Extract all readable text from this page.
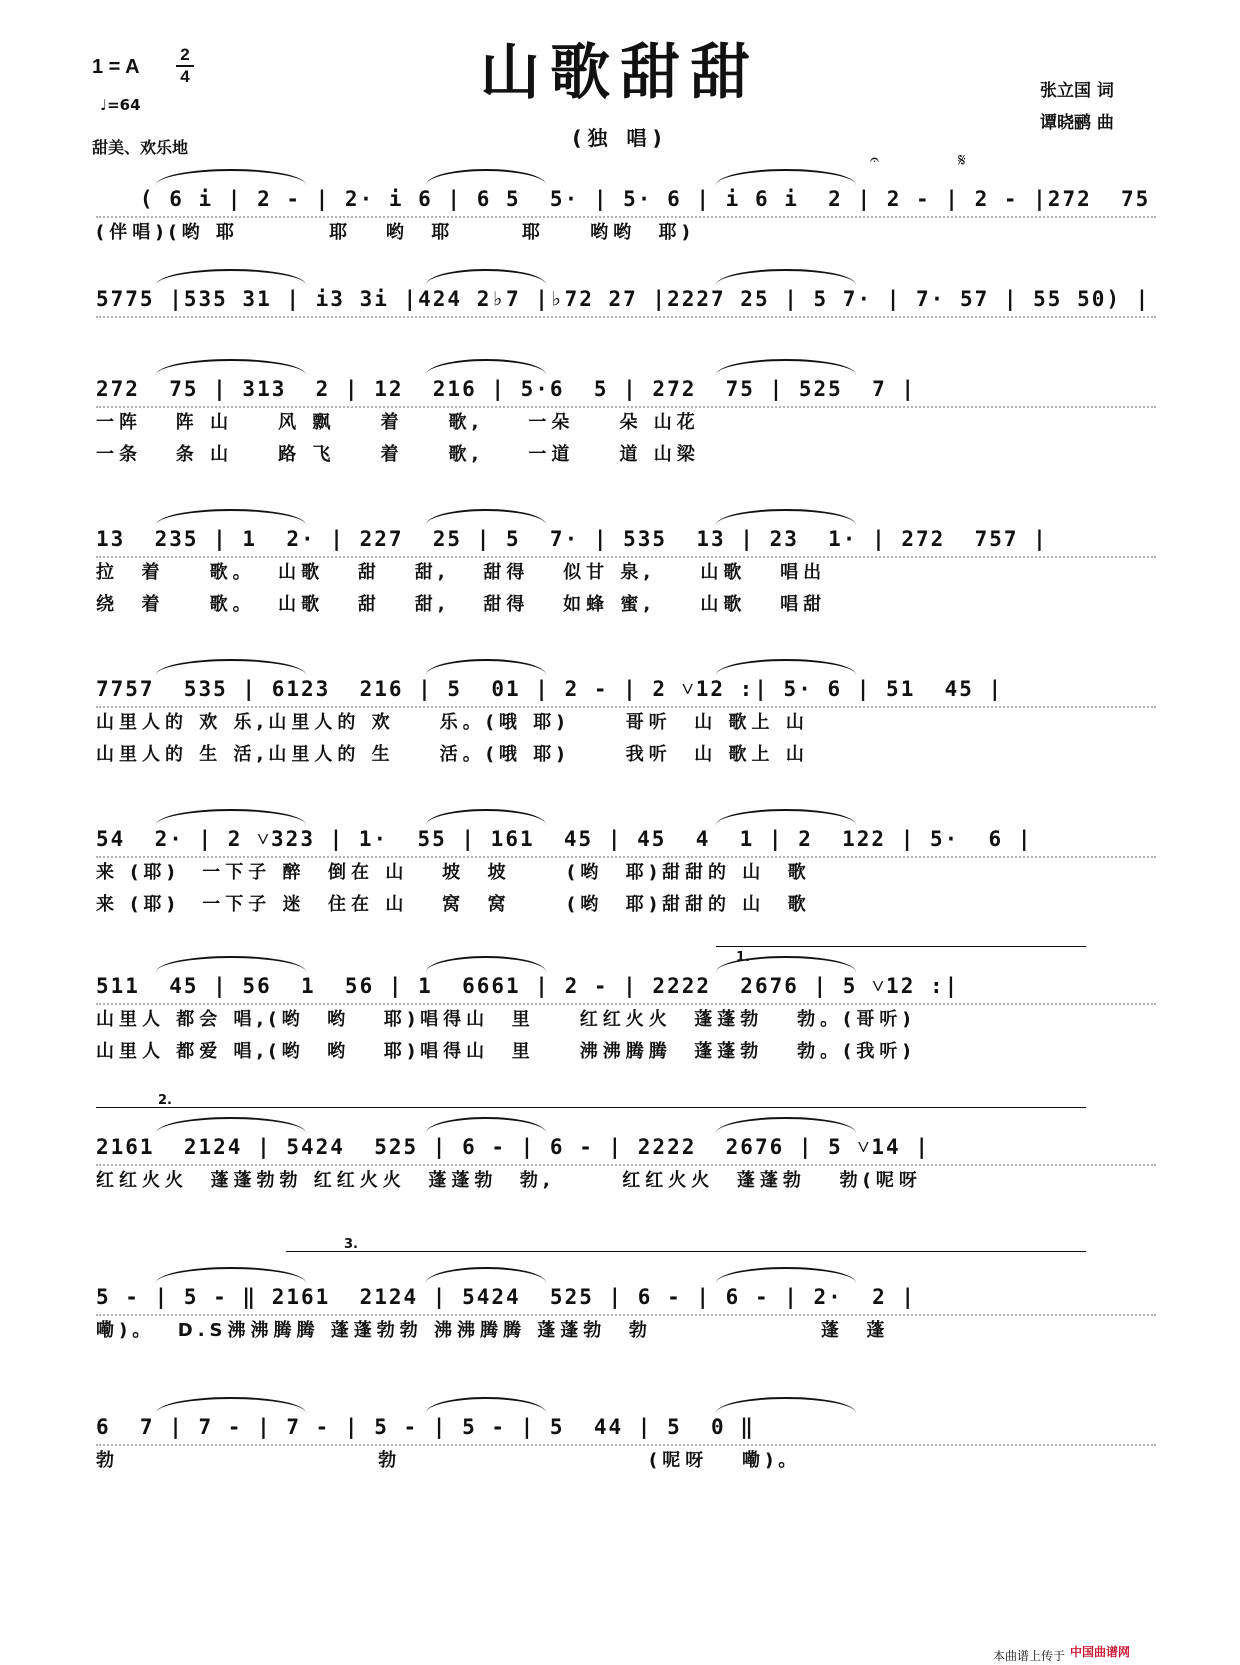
1 = A
2
4
♩=64
甜美、欢乐地
山歌甜甜
(独 唱)
张立国 词
谭晓鹂 曲
𝄐	𝄋
( 6 i | 2 - | 2· i 6 | 6 5  5· | 5· 6 | i 6 i  2 | 2 - | 2 - |272  75
(伴唱)(哟 耶        耶   哟  耶      耶    哟哟  耶)
5775 |535 31 | i3 3i |424 2♭7 |♭72 27 |2227 25 | 5 7· | 7· 57 | 55 50) |
272  75 | 313  2 | 12  216 | 5·6  5 | 272  75 | 525  7 |
一阵   阵 山    风 飘    着    歌,    一朵    朵 山花
一条   条 山    路 飞    着    歌,    一道    道 山梁
13  235 | 1  2· | 227  25 | 5  7· | 535  13 | 23  1· | 272  757 |
拉  着    歌。  山歌   甜   甜,   甜得   似甘 泉,    山歌   唱出
绕  着    歌。  山歌   甜   甜,   甜得   如蜂 蜜,    山歌   唱甜
7757  535 | 6123  216 | 5  01 | 2 - | 2 ˅12 :| 5· 6 | 51  45 |
山里人的 欢 乐,山里人的 欢    乐。(哦 耶)     哥听  山 歌上 山
山里人的 生 活,山里人的 生    活。(哦 耶)     我听  山 歌上 山
54  2· | 2 ˅323 | 1·  55 | 161  45 | 45  4  1 | 2  122 | 5·  6 |
来 (耶)  一下子 醉  倒在 山   坡  坡     (哟  耶)甜甜的 山  歌
来 (耶)  一下子 迷  住在 山   窝  窝     (哟  耶)甜甜的 山  歌
1.
511  45 | 56  1  56 | 1  6661 | 2 - | 2222  2676 | 5 ˅12 :|
山里人 都会 唱,(哟  哟   耶)唱得山  里    红红火火  蓬蓬勃   勃。(哥听)
山里人 都爱 唱,(哟  哟   耶)唱得山  里    沸沸腾腾  蓬蓬勃   勃。(我听)
2.
2161  2124 | 5424  525 | 6 - | 6 - | 2222  2676 | 5 ˅14 |
红红火火  蓬蓬勃勃 红红火火  蓬蓬勃  勃,      红红火火  蓬蓬勃   勃(呢呀
3.
5 - | 5 - ‖ 2161  2124 | 5424  525 | 6 - | 6 - | 2·  2 |
嘞)。  D.S沸沸腾腾 蓬蓬勃勃 沸沸腾腾 蓬蓬勃  勃               蓬  蓬
6  7 | 7 - | 7 - | 5 - | 5 - | 5  44 | 5  0 ‖
勃                       勃                      (呢呀   嘞)。
本曲谱上传于 中国曲谱网
